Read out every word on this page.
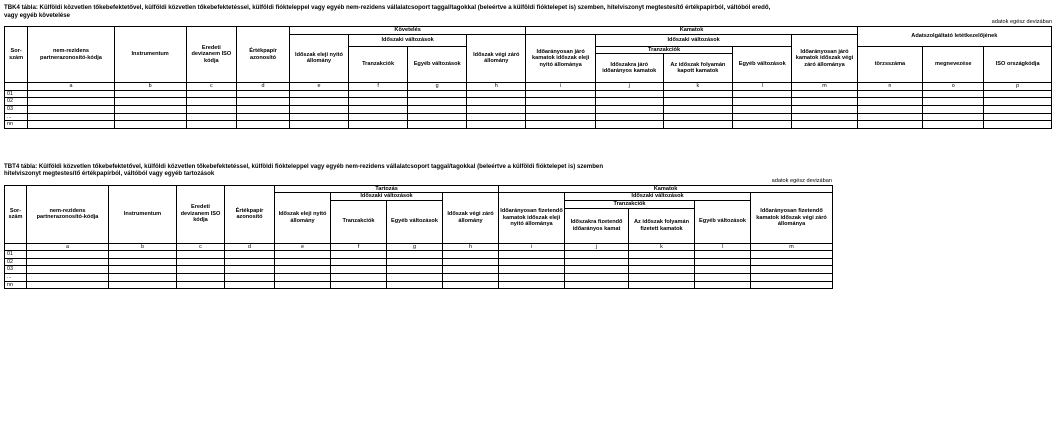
TBK4 tábla: Külföldi közvetlen tőkebefektetővel, külföldi közvetlen tőkebefektetéssel, külföldi fiókteleppel vagy egyéb nem-rezidens vállalatcsoport taggal/tagokkal (beleértve a külföldi fióktelepet is) szemben, hitelviszonyt megtestesítő értékpapírból, váltóból eredő,
vagy egyéb követelése
adatok egész devizában
Sor-szám	nem-rezidens partnerazonosító-kódja	Instrumentum	Eredeti devizanem ISO kódja	Értékpapír azonosító	Követelés				Kamatok					Adatszolgáltató letétkezelőjének		
					Időszak eleji nyitó állomány	Időszaki változások		Időszak végi záró állomány	Időarányosan járó kamatok időszak eleji nyitó állománya	Időszaki változások			Időarányosan járó kamatok időszak végi záró állománya			
						Tranzakciók	Egyéb változások			Tranzakciók		Egyéb változások		törzsszáma	megnevezése	ISO országkódja
										Időszakra járó időarányos kamatok	Az időszak folyamán kapott kamatok					

	a	b	c	d	e	f	g	h	i	j	k	l	m	n	o	p
01																
02																
03																
...																
nn																
TBT4 tábla: Külföldi közvetlen tőkebefektetővel, külföldi közvetlen tőkebefektetéssel, külföldi fiókteleppel vagy egyéb nem-rezidens vállalatcsoport taggal/tagokkal (beleértve a külföldi fióktelepet is) szemben
hitelviszonyt megtestesítő értékpapírból, váltóból vagy egyéb tartozások
adatok egész devizában
Sor-szám	nem-rezidens partnerazonosító-kódja	Instrumentum	Eredeti devizanem ISO kódja	Értékpapír azonosító	Tartozás				Kamatok				
					Időszak eleji nyitó állomány	Időszaki változások		Időszak végi záró állomány	Időarányosan fizetendő kamatok időszak eleji nyitó állománya	Időszaki változások			Időarányosan fizetendő kamatok időszak végi záró állománya
						Tranzakciók	Egyéb változások			Tranzakciók		Egyéb változások	
										Időszakra fizetendő időarányos kamat	Az időszak folyamán fizetett kamatok		

	a	b	c	d	e	f	g	h	i	j	k	l	m
01													
02													
03													
...													
nn													
